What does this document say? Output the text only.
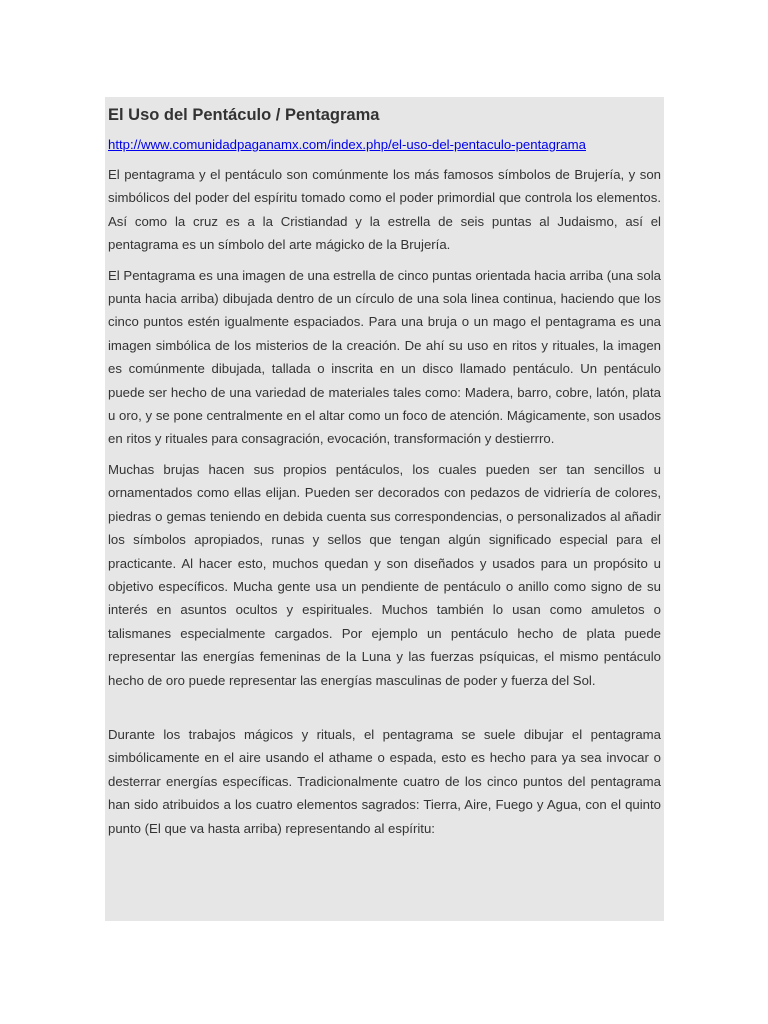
El Uso del Pentáculo / Pentagrama
http://www.comunidadpaganamx.com/index.php/el-uso-del-pentaculo-pentagrama

El pentagrama y el pentáculo son comúnmente los más famosos símbolos de Brujería, y son simbólicos del poder del espíritu tomado como el poder primordial que controla los elementos. Así como la cruz es a la Cristiandad y la estrella de seis puntas al Judaismo, así el pentagrama es un símbolo del arte mágicko de la Brujería.

El Pentagrama es una imagen de una estrella de cinco puntas orientada hacia arriba (una sola punta hacia arriba) dibujada dentro de un círculo de una sola linea continua, haciendo que los cinco puntos estén igualmente espaciados. Para una bruja o un mago el pentagrama es una imagen simbólica de los misterios de la creación. De ahí su uso en ritos y rituales, la imagen es comúnmente dibujada, tallada o inscrita en un disco llamado pentáculo. Un pentáculo puede ser hecho de una variedad de materiales tales como: Madera, barro, cobre, latón, plata u oro, y se pone centralmente en el altar como un foco de atención. Mágicamente, son usados en ritos y rituales para consagración, evocación, transformación y destierrro.

Muchas brujas hacen sus propios pentáculos, los cuales pueden ser tan sencillos u ornamentados como ellas elijan. Pueden ser decorados con pedazos de vidriería de colores, piedras o gemas teniendo en debida cuenta sus correspondencias, o personalizados al añadir los símbolos apropiados, runas y sellos que tengan algún significado especial para el practicante. Al hacer esto, muchos quedan y son diseñados y usados para un propósito u objetivo específicos. Mucha gente usa un pendiente de pentáculo o anillo como signo de su interés en asuntos ocultos y espirituales. Muchos también lo usan como amuletos o talismanes especialmente cargados. Por ejemplo un pentáculo hecho de plata puede representar las energías femeninas de la Luna y las fuerzas psíquicas, el mismo pentáculo hecho de oro puede representar las energías masculinas de poder y fuerza del Sol.

Durante los trabajos mágicos y rituals, el pentagrama se suele dibujar el pentagrama simbólicamente en el aire usando el athame o espada, esto es hecho para ya sea invocar o desterrar energías específicas. Tradicionalmente cuatro de los cinco puntos del pentagrama han sido atribuidos a los cuatro elementos sagrados: Tierra, Aire, Fuego y Agua, con el quinto punto (El que va hasta arriba) representando al espíritu:
